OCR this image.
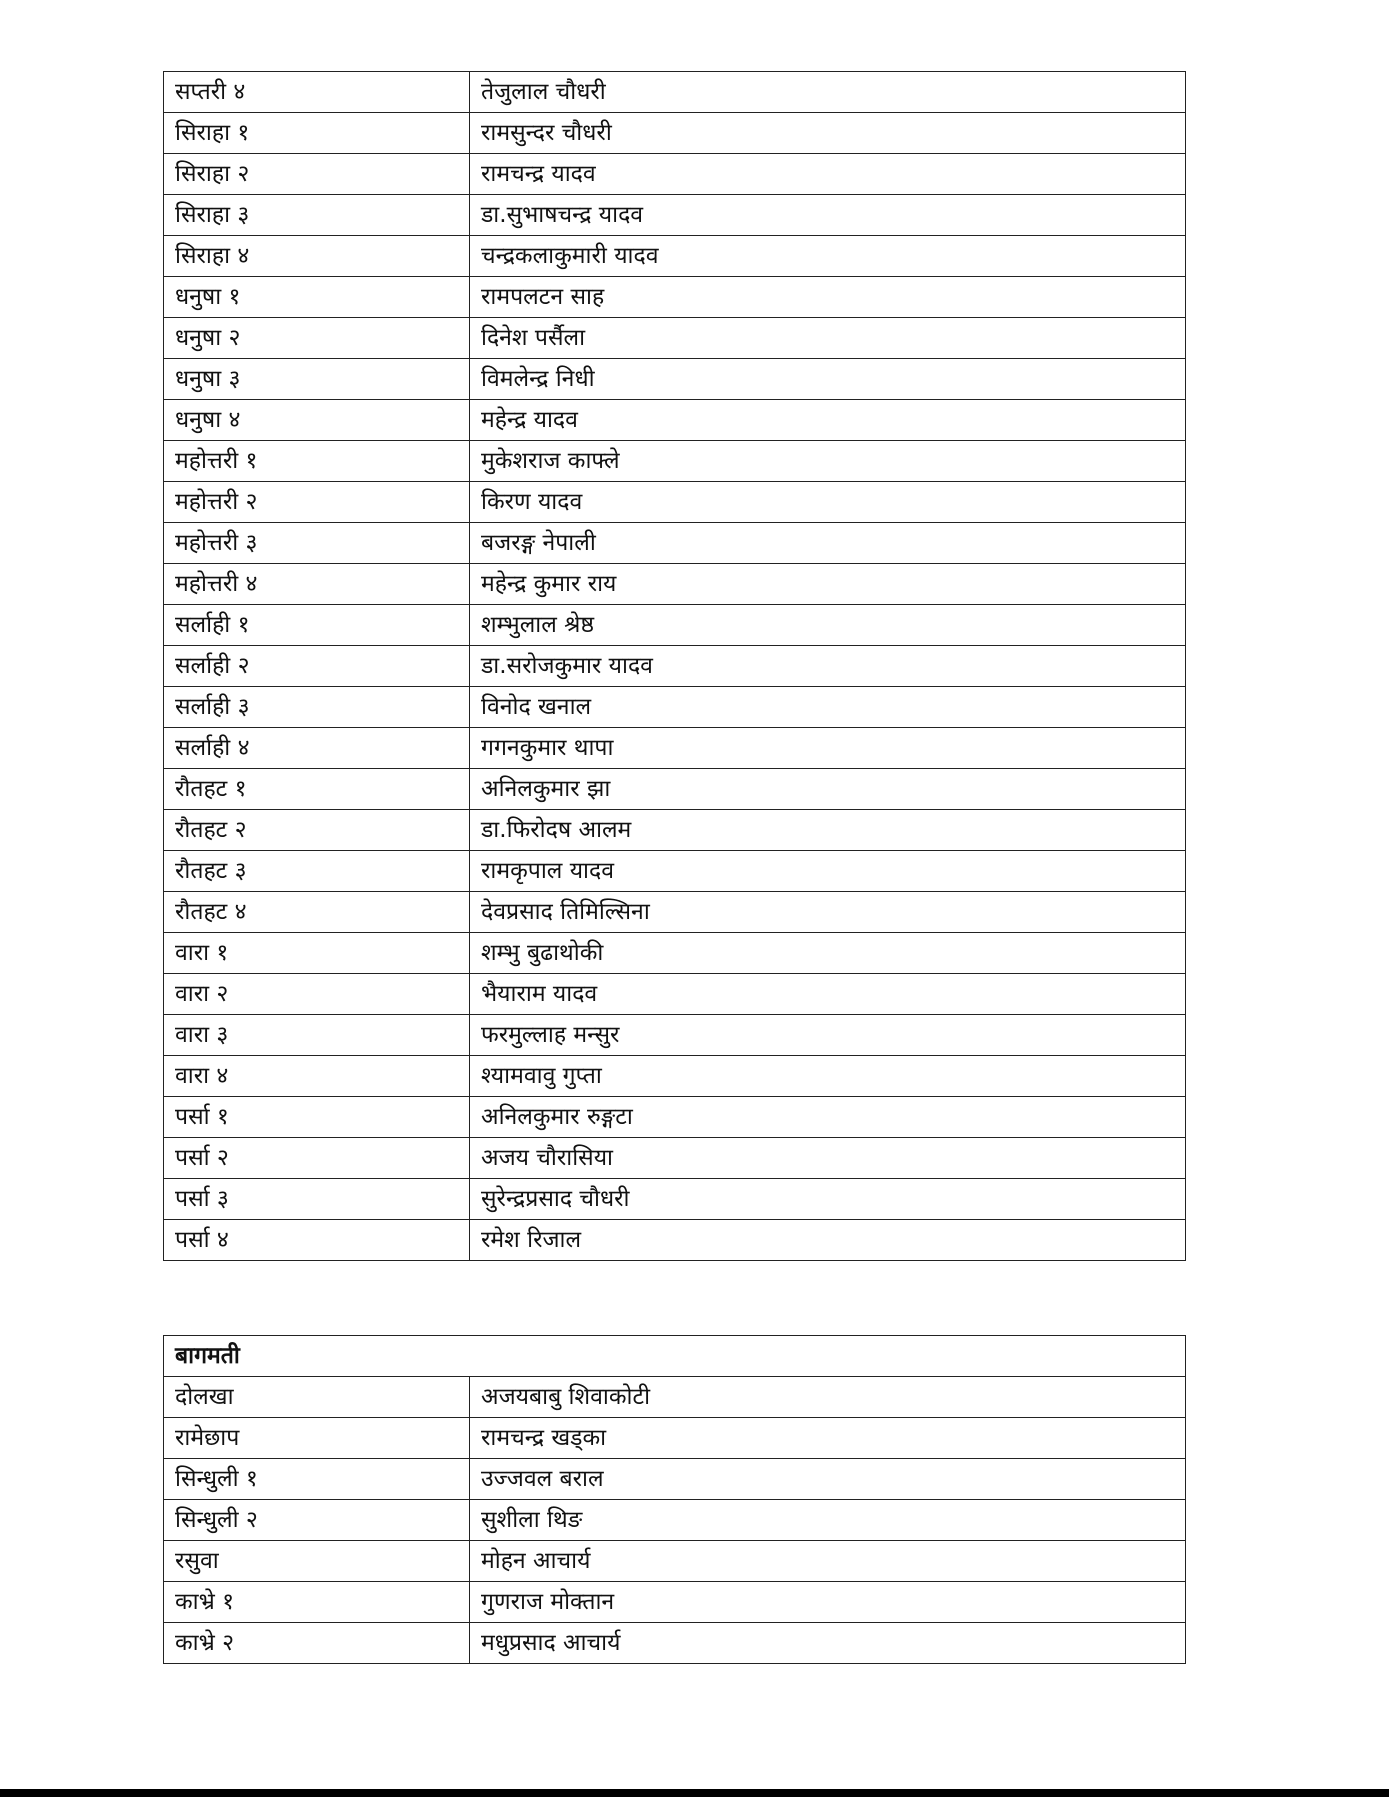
सप्तरी ४	तेजुलाल चौधरी
सिराहा १	रामसुन्दर चौधरी
सिराहा २	रामचन्द्र यादव
सिराहा ३	डा.सुभाषचन्द्र यादव
सिराहा ४	चन्द्रकलाकुमारी यादव
धनुषा १	रामपलटन साह
धनुषा २	दिनेश पर्सैला
धनुषा ३	विमलेन्द्र निधी
धनुषा ४	महेन्द्र यादव
महोत्तरी १	मुकेशराज काफ्ले
महोत्तरी २	किरण यादव
महोत्तरी ३	बजरङ्ग नेपाली
महोत्तरी ४	महेन्द्र कुमार राय
सर्लाही १	शम्भुलाल श्रेष्ठ
सर्लाही २	डा.सरोजकुमार यादव
सर्लाही ३	विनोद खनाल
सर्लाही ४	गगनकुमार थापा
रौतहट १	अनिलकुमार झा
रौतहट २	डा.फिरोदष आलम
रौतहट ३	रामकृपाल यादव
रौतहट ४	देवप्रसाद तिमिल्सिना
वारा १	शम्भु बुढाथोकी
वारा २	भैयाराम यादव
वारा ३	फरमुल्लाह मन्सुर
वारा ४	श्यामवावु गुप्ता
पर्सा १	अनिलकुमार रुङ्गटा
पर्सा २	अजय चौरासिया
पर्सा ३	सुरेन्द्रप्रसाद चौधरी
पर्सा ४	रमेश रिजाल
बागमती	
दोलखा	अजयबाबु शिवाकोटी
रामेछाप	रामचन्द्र खड्का
सिन्धुली १	उज्जवल बराल
सिन्धुली २	सुशीला थिङ
रसुवा	मोहन आचार्य
काभ्रे १	गुणराज मोक्तान
काभ्रे २	मधुप्रसाद आचार्य
